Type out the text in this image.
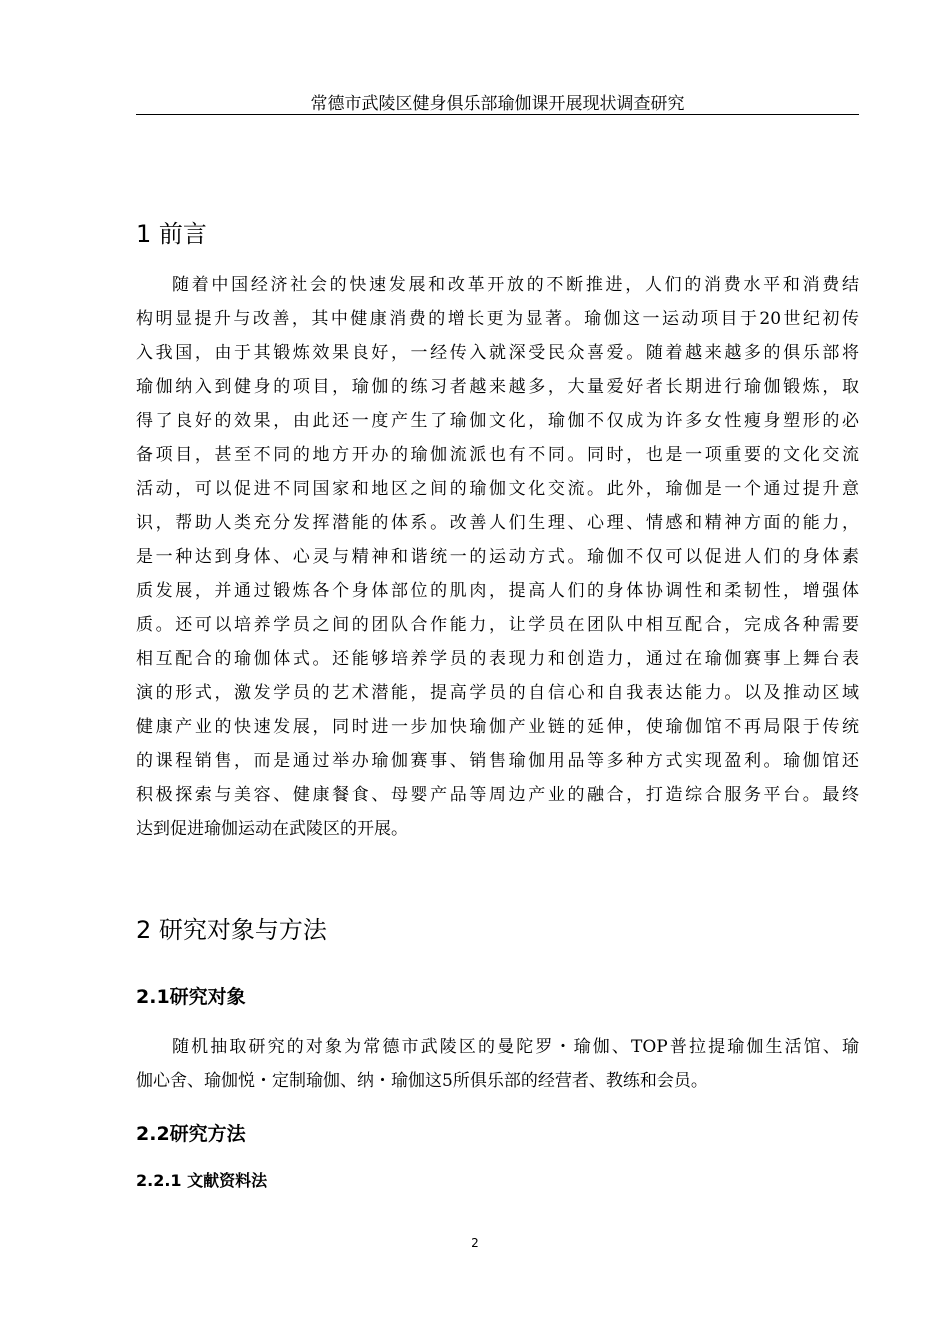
常德市武陵区健身俱乐部瑜伽课开展现状调查研究
1 前言
随着中国经济社会的快速发展和改革开放的不断推进，人们的消费水平和消费结
构明显提升与改善，其中健康消费的增长更为显著。瑜伽这一运动项目于20世纪初传
入我国，由于其锻炼效果良好，一经传入就深受民众喜爱。随着越来越多的俱乐部将
瑜伽纳入到健身的项目，瑜伽的练习者越来越多，大量爱好者长期进行瑜伽锻炼，取
得了良好的效果，由此还一度产生了瑜伽文化，瑜伽不仅成为许多女性瘦身塑形的必
备项目，甚至不同的地方开办的瑜伽流派也有不同。同时，也是一项重要的文化交流
活动，可以促进不同国家和地区之间的瑜伽文化交流。此外，瑜伽是一个通过提升意
识，帮助人类充分发挥潜能的体系。改善人们生理、心理、情感和精神方面的能力，
是一种达到身体、心灵与精神和谐统一的运动方式。瑜伽不仅可以促进人们的身体素
质发展，并通过锻炼各个身体部位的肌肉，提高人们的身体协调性和柔韧性，增强体
质。还可以培养学员之间的团队合作能力，让学员在团队中相互配合，完成各种需要
相互配合的瑜伽体式。还能够培养学员的表现力和创造力，通过在瑜伽赛事上舞台表
演的形式，激发学员的艺术潜能，提高学员的自信心和自我表达能力。以及推动区域
健康产业的快速发展，同时进一步加快瑜伽产业链的延伸，使瑜伽馆不再局限于传统
的课程销售，而是通过举办瑜伽赛事、销售瑜伽用品等多种方式实现盈利。瑜伽馆还
积极探索与美容、健康餐食、母婴产品等周边产业的融合，打造综合服务平台。最终
达到促进瑜伽运动在武陵区的开展。
2 研究对象与方法
2.1研究对象
随机抽取研究的对象为常德市武陵区的曼陀罗・瑜伽、TOP普拉提瑜伽生活馆、瑜
伽心舍、瑜伽悦・定制瑜伽、纳・瑜伽这5所俱乐部的经营者、教练和会员。
2.2研究方法
2.2.1 文献资料法
2
